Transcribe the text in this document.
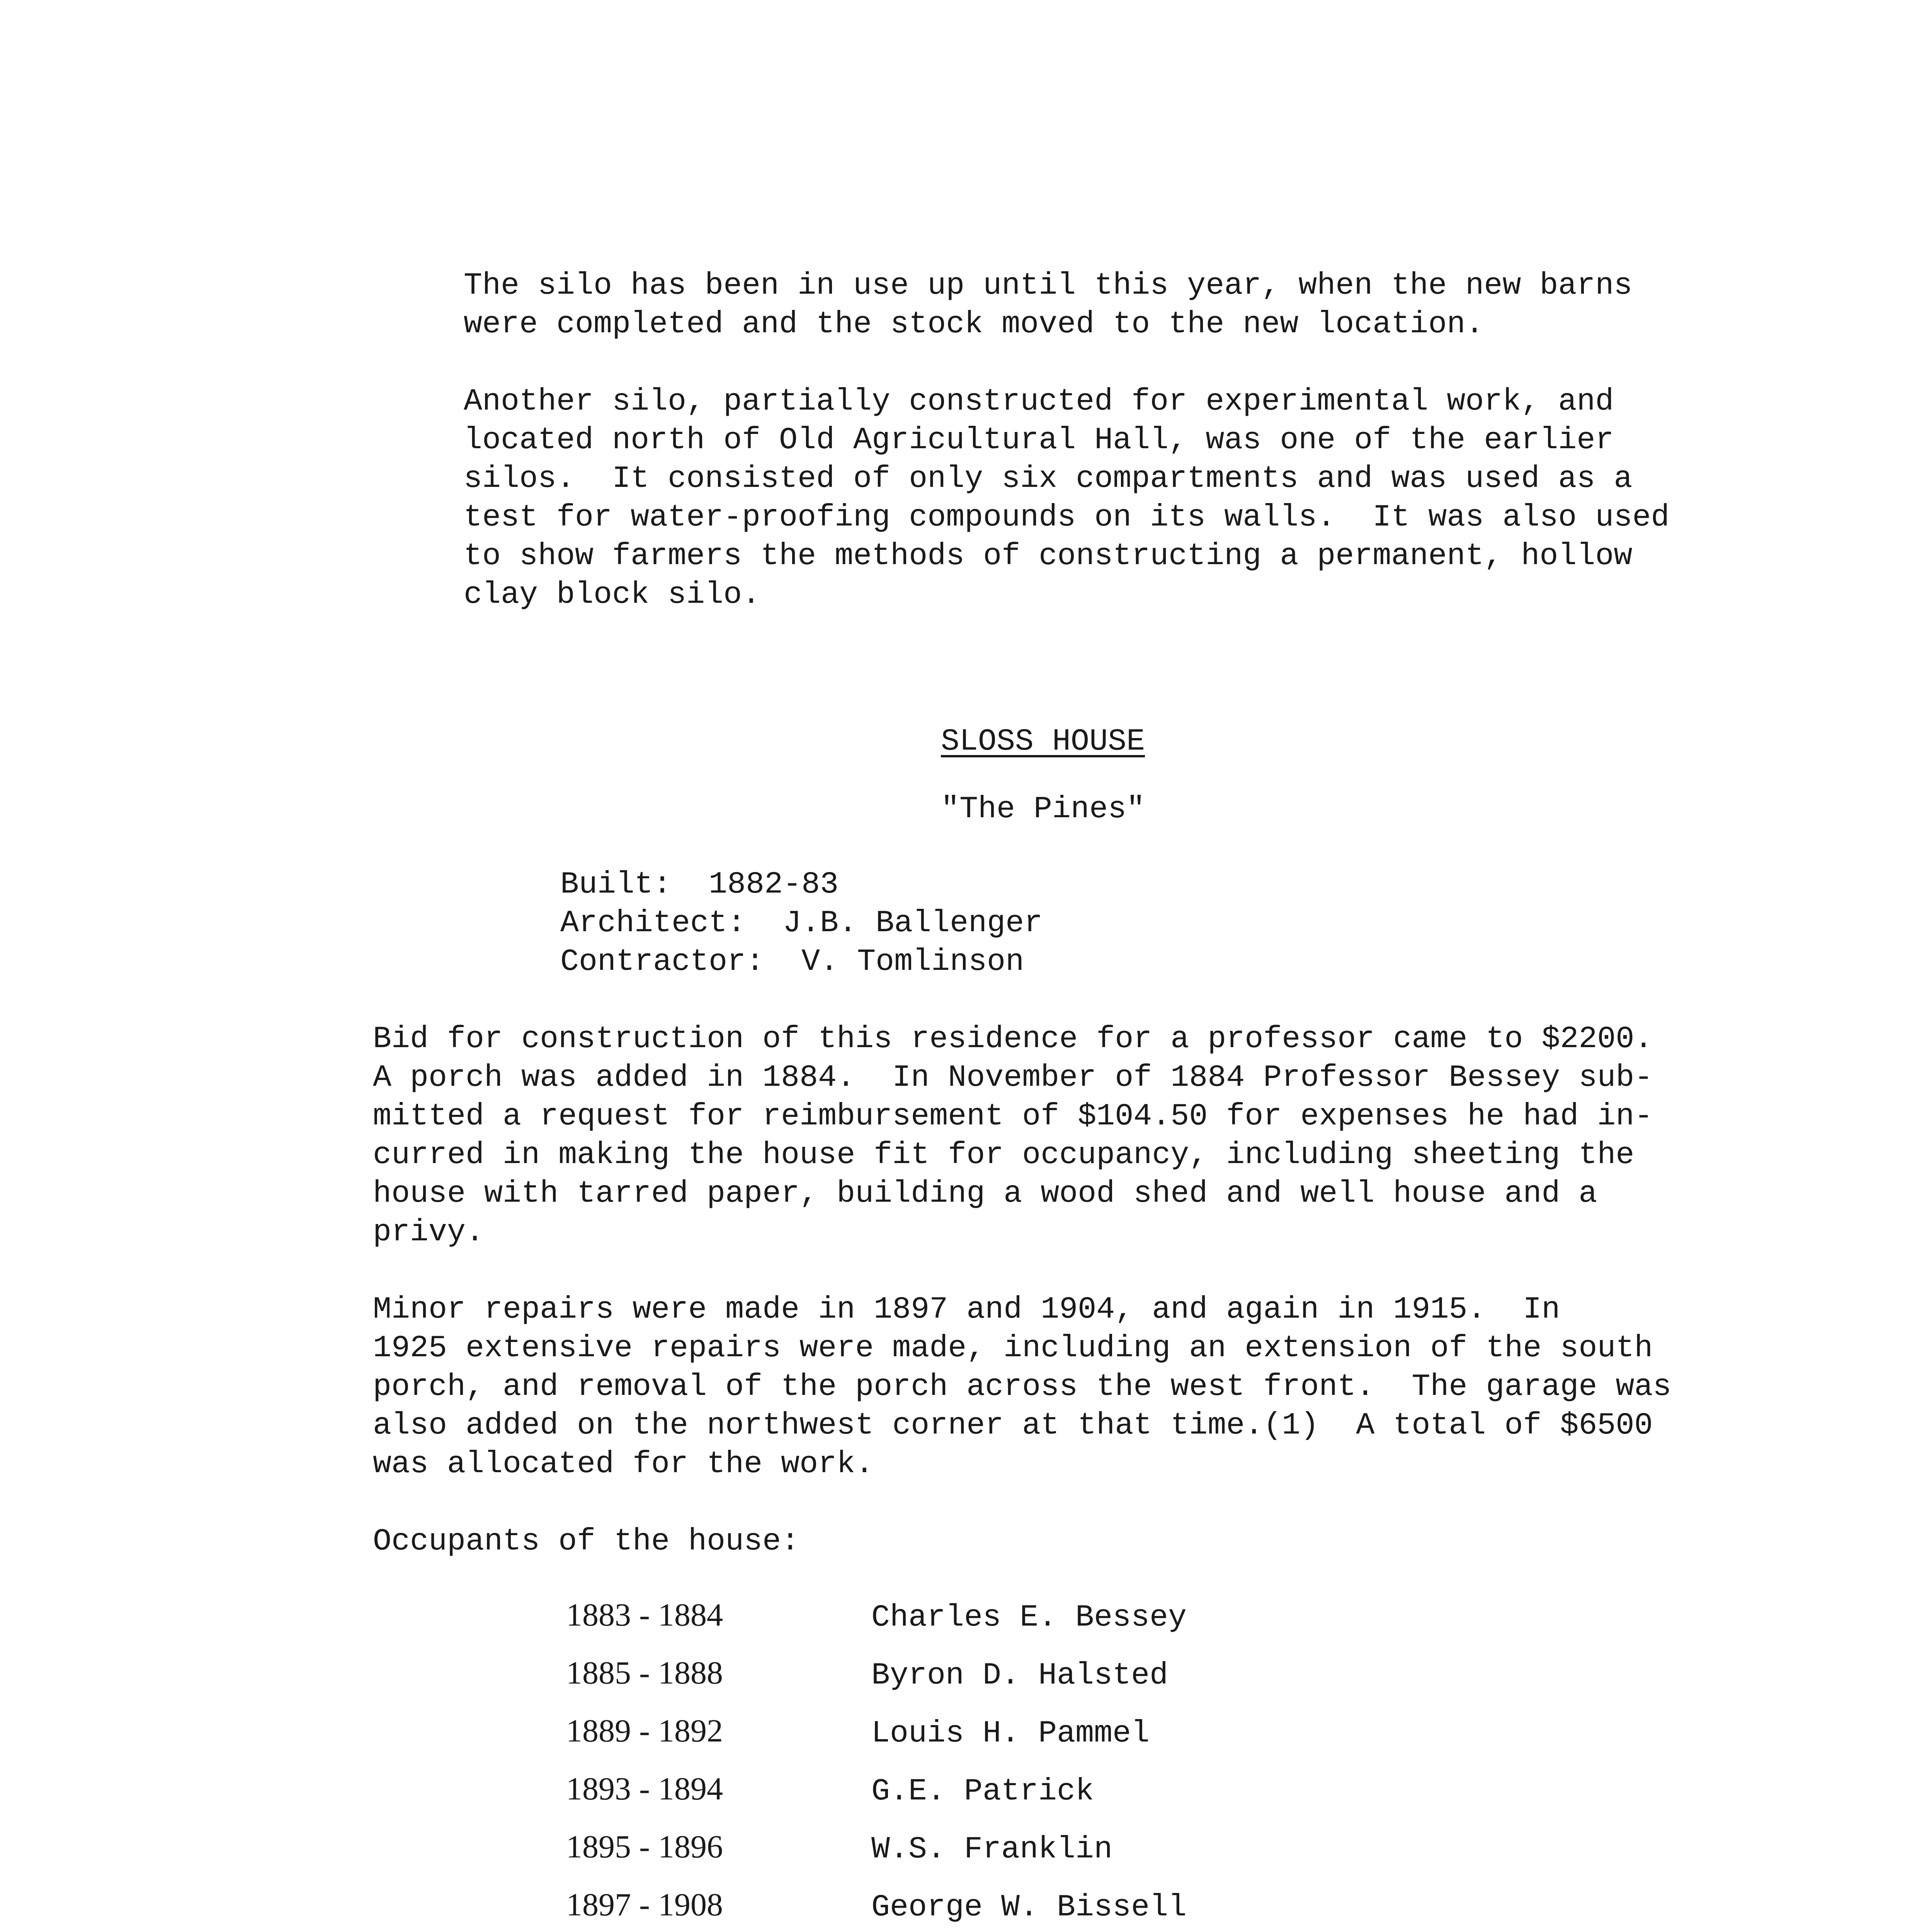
The silo has been in use up until this year, when the new barns
were completed and the stock moved to the new location.

Another silo, partially constructed for experimental work, and
located north of Old Agricultural Hall, was one of the earlier
silos.  It consisted of only six compartments and was used as a
test for water-proofing compounds on its walls.  It was also used
to show farmers the methods of constructing a permanent, hollow
clay block silo.

SLOSS HOUSE

"The Pines"

Built:  1882-83
Architect:  J.B. Ballenger
Contractor:  V. Tomlinson

Bid for construction of this residence for a professor came to $2200.
A porch was added in 1884.  In November of 1884 Professor Bessey sub-
mitted a request for reimbursement of $104.50 for expenses he had in-
curred in making the house fit for occupancy, including sheeting the
house with tarred paper, building a wood shed and well house and a
privy.

Minor repairs were made in 1897 and 1904, and again in 1915.  In
1925 extensive repairs were made, including an extension of the south
porch, and removal of the porch across the west front.  The garage was
also added on the northwest corner at that time.(1)  A total of $6500
was allocated for the work.

Occupants of the house:

1883 - 1884	Charles E. Bessey
1885 - 1888	Byron D. Halsted
1889 - 1892	Louis H. Pammel
1893 - 1894	G.E. Patrick
1895 - 1896	W.S. Franklin
1897 - 1908	George W. Bissell
